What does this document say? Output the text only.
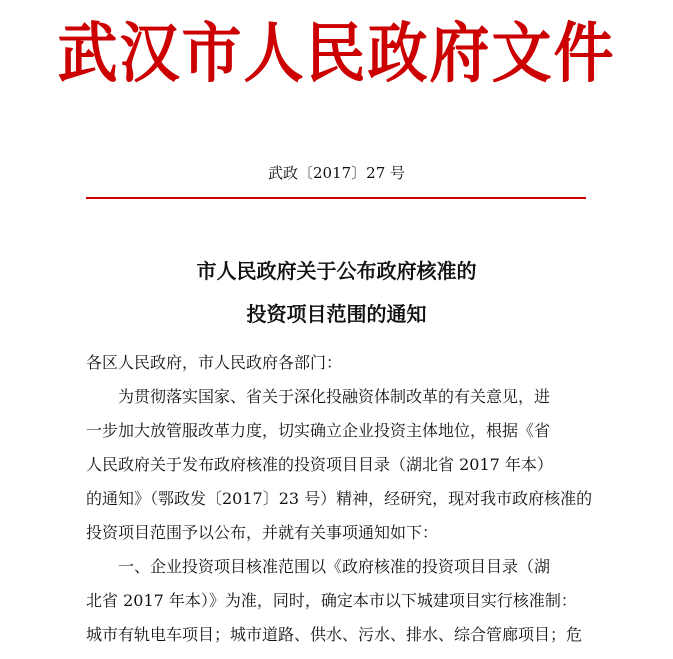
武汉市人民政府文件
武政〔2017〕27 号
市人民政府关于公布政府核准的
投资项目范围的通知
各区人民政府，市人民政府各部门：
为贯彻落实国家、省关于深化投融资体制改革的有关意见，进
一步加大放管服改革力度，切实确立企业投资主体地位，根据《省
人民政府关于发布政府核准的投资项目目录（湖北省 2017 年本）
的通知》（鄂政发〔2017〕23 号）精神，经研究，现对我市政府核准的
投资项目范围予以公布，并就有关事项通知如下：
一、企业投资项目核准范围以《政府核准的投资项目目录（湖
北省 2017 年本）》为准，同时，确定本市以下城建项目实行核准制：
城市有轨电车项目；城市道路、供水、污水、排水、综合管廊项目；危
